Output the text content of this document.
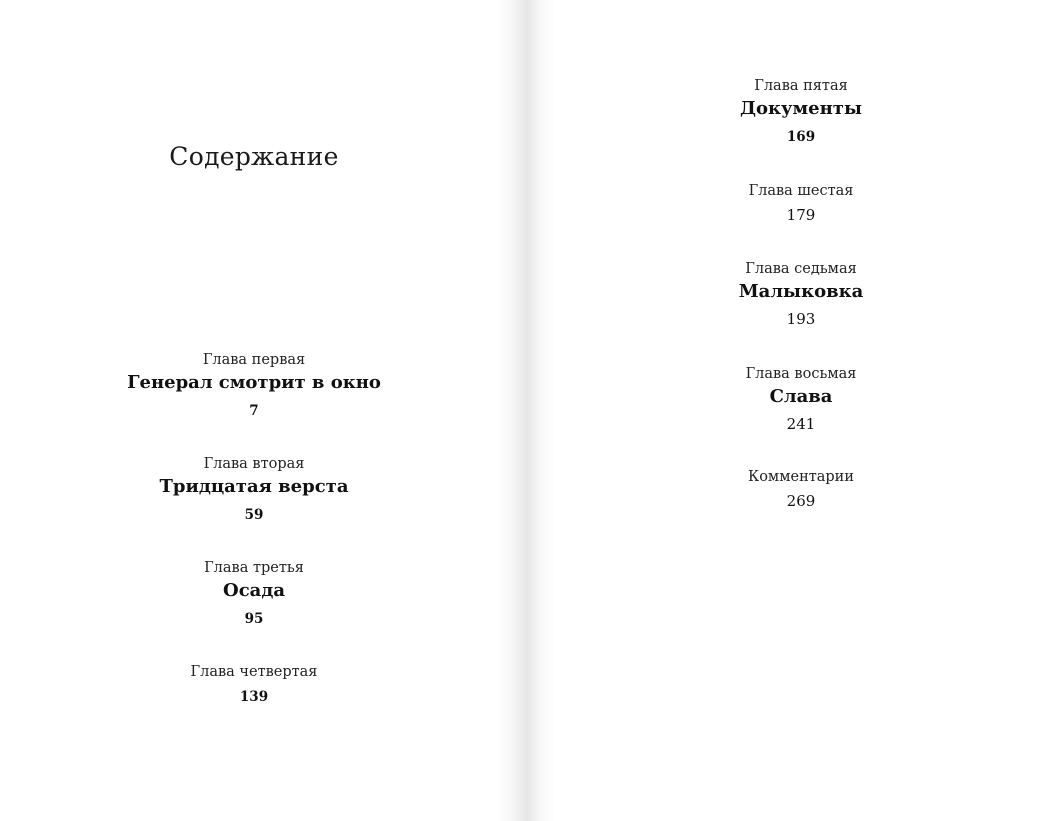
Содержание
Глава первая
Генерал смотрит в окно
7
Глава вторая
Тридцатая верста
59
Глава третья
Осада
95
Глава четвертая
139
Глава пятая
Документы
169
Глава шестая
179
Глава седьмая
Малыковка
193
Глава восьмая
Слава
241
Комментарии
269
